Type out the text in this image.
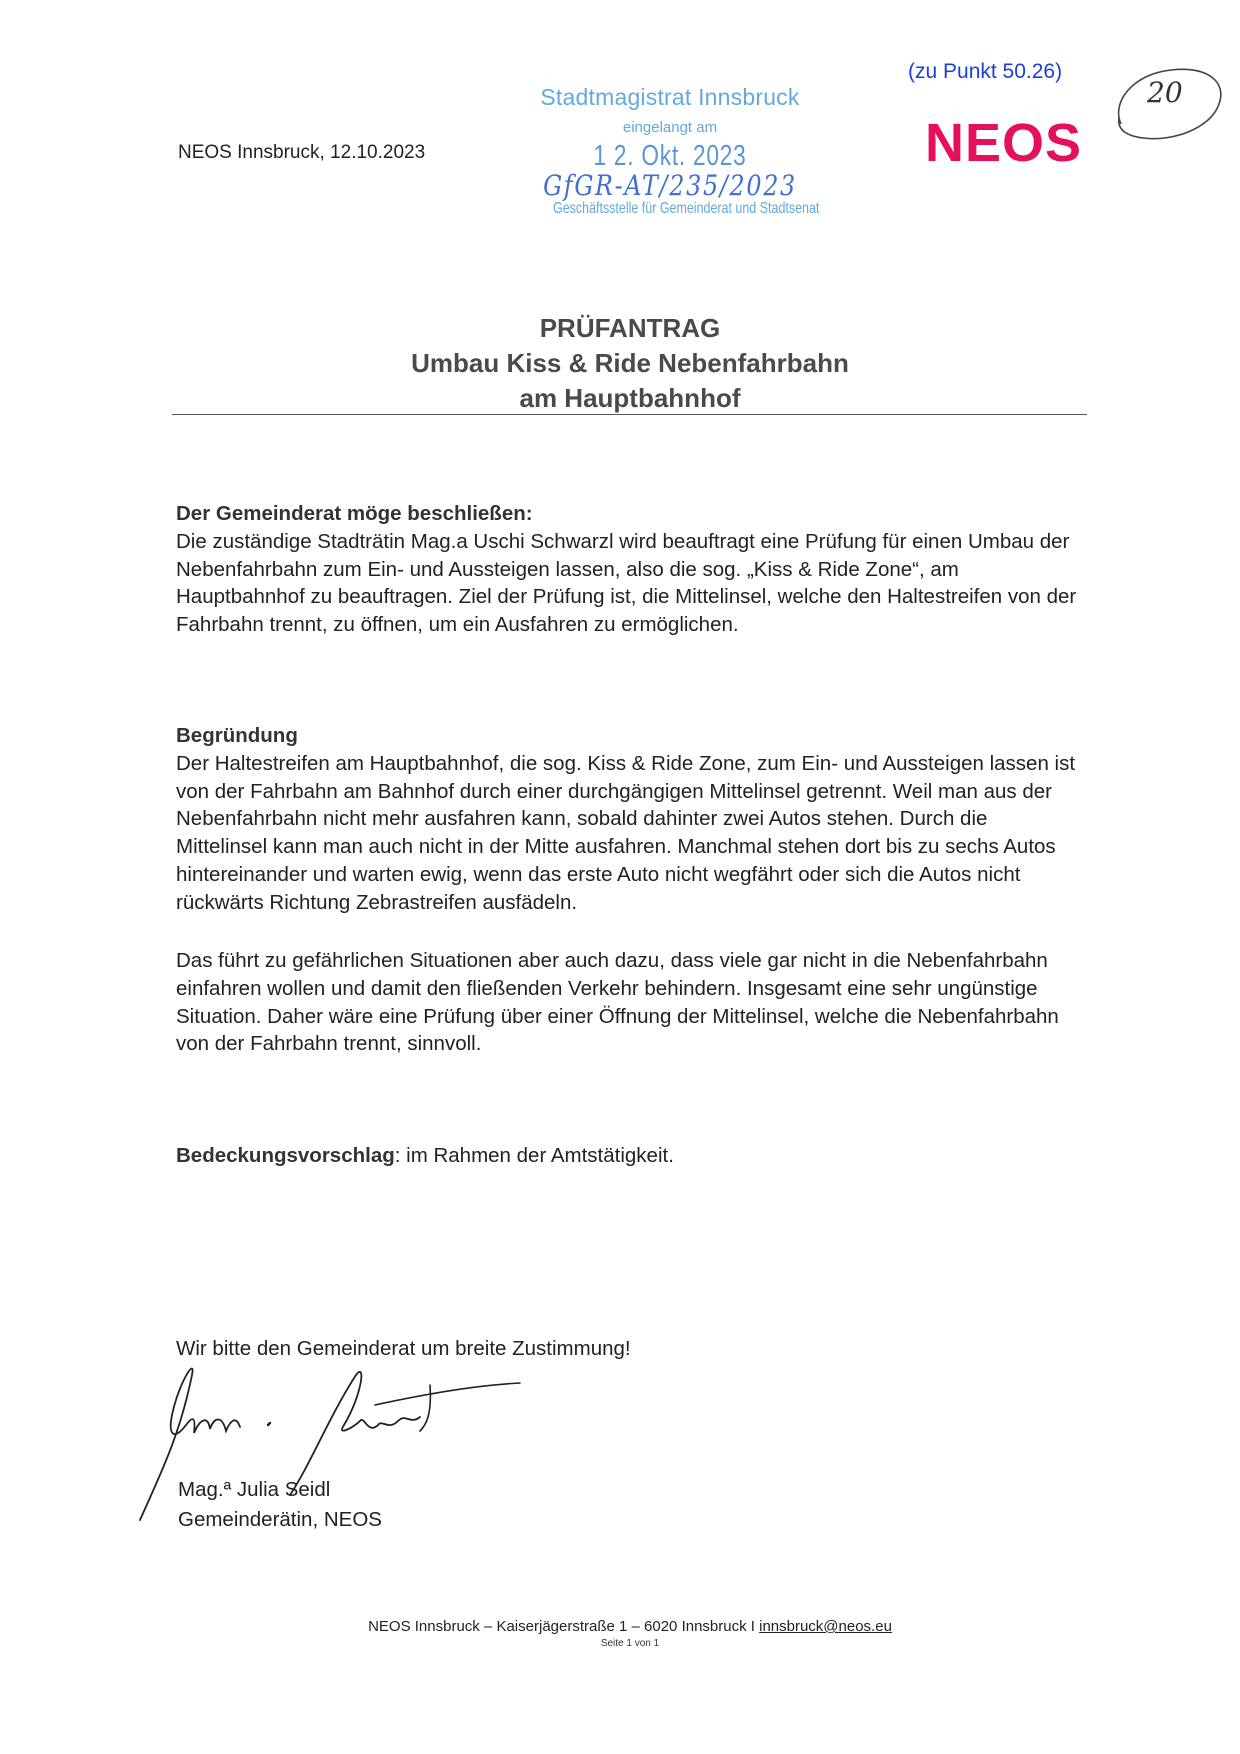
NEOS Innsbruck, 12.10.2023
Stadtmagistrat Innsbruck
eingelangt am
1 2. Okt. 2023
GfGR-AT/235/2023
Geschäftsstelle für Gemeinderat und Stadtsenat
(zu Punkt 50.26)
NEOS
20
PRÜFANTRAG
Umbau Kiss & Ride Nebenfahrbahn
am Hauptbahnhof
Der Gemeinderat möge beschließen:
Die zuständige Stadträtin Mag.a Uschi Schwarzl wird beauftragt eine Prüfung für einen Umbau der Nebenfahrbahn zum Ein- und Aussteigen lassen, also die sog. „Kiss & Ride Zone“, am Hauptbahnhof zu beauftragen. Ziel der Prüfung ist, die Mittelinsel, welche den Haltestreifen von der Fahrbahn trennt, zu öffnen, um ein Ausfahren zu ermöglichen.
Begründung
Der Haltestreifen am Hauptbahnhof, die sog. Kiss & Ride Zone, zum Ein- und Aussteigen lassen ist von der Fahrbahn am Bahnhof durch einer durchgängigen Mittelinsel getrennt. Weil man aus der Nebenfahrbahn nicht mehr ausfahren kann, sobald dahinter zwei Autos stehen. Durch die Mittelinsel kann man auch nicht in der Mitte ausfahren. Manchmal stehen dort bis zu sechs Autos hintereinander und warten ewig, wenn das erste Auto nicht wegfährt oder sich die Autos nicht rückwärts Richtung Zebrastreifen ausfädeln.
Das führt zu gefährlichen Situationen aber auch dazu, dass viele gar nicht in die Nebenfahrbahn einfahren wollen und damit den fließenden Verkehr behindern. Insgesamt eine sehr ungünstige Situation. Daher wäre eine Prüfung über einer Öffnung der Mittelinsel, welche die Nebenfahrbahn von der Fahrbahn trennt, sinnvoll.
Bedeckungsvorschlag: im Rahmen der Amtstätigkeit.
Wir bitte den Gemeinderat um breite Zustimmung!
Mag.ª Julia Seidl
Gemeinderätin, NEOS
NEOS Innsbruck – Kaiserjägerstraße 1 – 6020 Innsbruck I innsbruck@neos.eu
Seite 1 von 1
